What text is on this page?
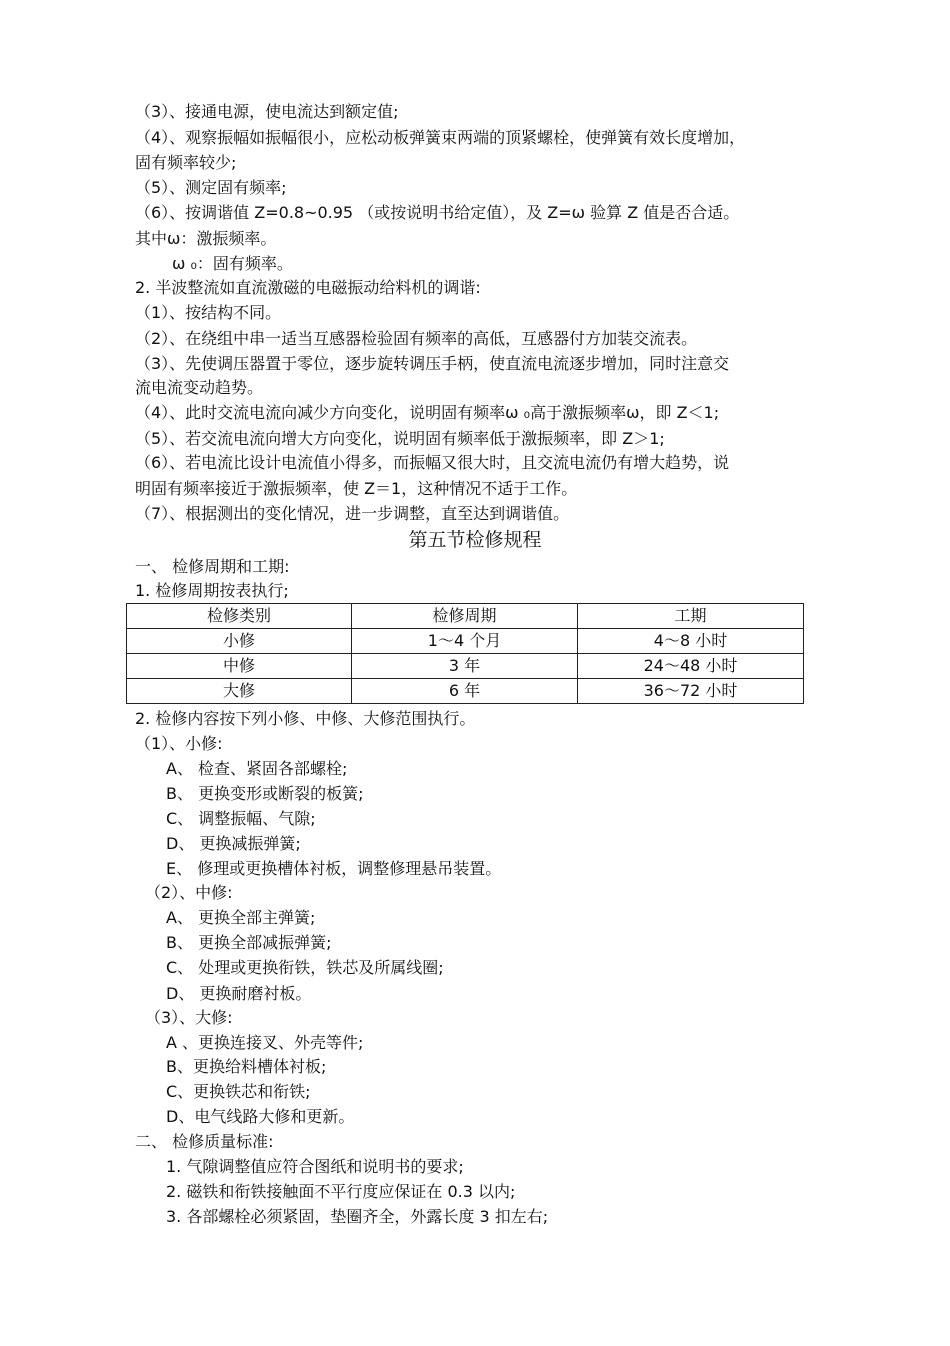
（3）、接通电源，使电流达到额定值;
（4）、观察振幅如振幅很小，应松动板弹簧束两端的顶紧螺栓，使弹簧有效长度增加，
固有频率较少;
（5）、测定固有频率;
（6）、按调谐值 Z=0.8~0.95 （或按说明书给定值），及 Z=ω 验算 Z 值是否合适。
其中ω：激振频率。
ω ₀：固有频率。
2. 半波整流如直流激磁的电磁振动给料机的调谐:
（1）、按结构不同。
（2）、在绕组中串一适当互感器检验固有频率的高低，互感器付方加装交流表。
（3）、先使调压器置于零位，逐步旋转调压手柄，使直流电流逐步增加，同时注意交
流电流变动趋势。
（4）、此时交流电流向减少方向变化，说明固有频率ω ₀高于激振频率ω，即 Z＜1;
（5）、若交流电流向增大方向变化，说明固有频率低于激振频率，即 Z＞1;
（6）、若电流比设计电流值小得多，而振幅又很大时，且交流电流仍有增大趋势，说
明固有频率接近于激振频率，使 Z＝1，这种情况不适于工作。
（7）、根据测出的变化情况，进一步调整，直至达到调谐值。
第五节检修规程
一、 检修周期和工期:
1. 检修周期按表执行;
检修类别	检修周期	工期
小修	1～4 个月	4～8 小时
中修	3 年	24～48 小时
大修	6 年	36～72 小时
2. 检修内容按下列小修、中修、大修范围执行。
（1）、小修:
A、 检查、紧固各部螺栓;
B、 更换变形或断裂的板簧;
C、 调整振幅、气隙;
D、 更换减振弹簧;
E、 修理或更换槽体衬板，调整修理悬吊装置。
（2）、中修:
A、 更换全部主弹簧;
B、 更换全部减振弹簧;
C、 处理或更换衔铁，铁芯及所属线圈;
D、 更换耐磨衬板。
（3）、大修:
A 、更换连接叉、外壳等件;
B、更换给料槽体衬板;
C、更换铁芯和衔铁;
D、电气线路大修和更新。
二、 检修质量标准:
1. 气隙调整值应符合图纸和说明书的要求;
2. 磁铁和衔铁接触面不平行度应保证在 0.3 以内;
3. 各部螺栓必须紧固，垫圈齐全，外露长度 3 扣左右;
